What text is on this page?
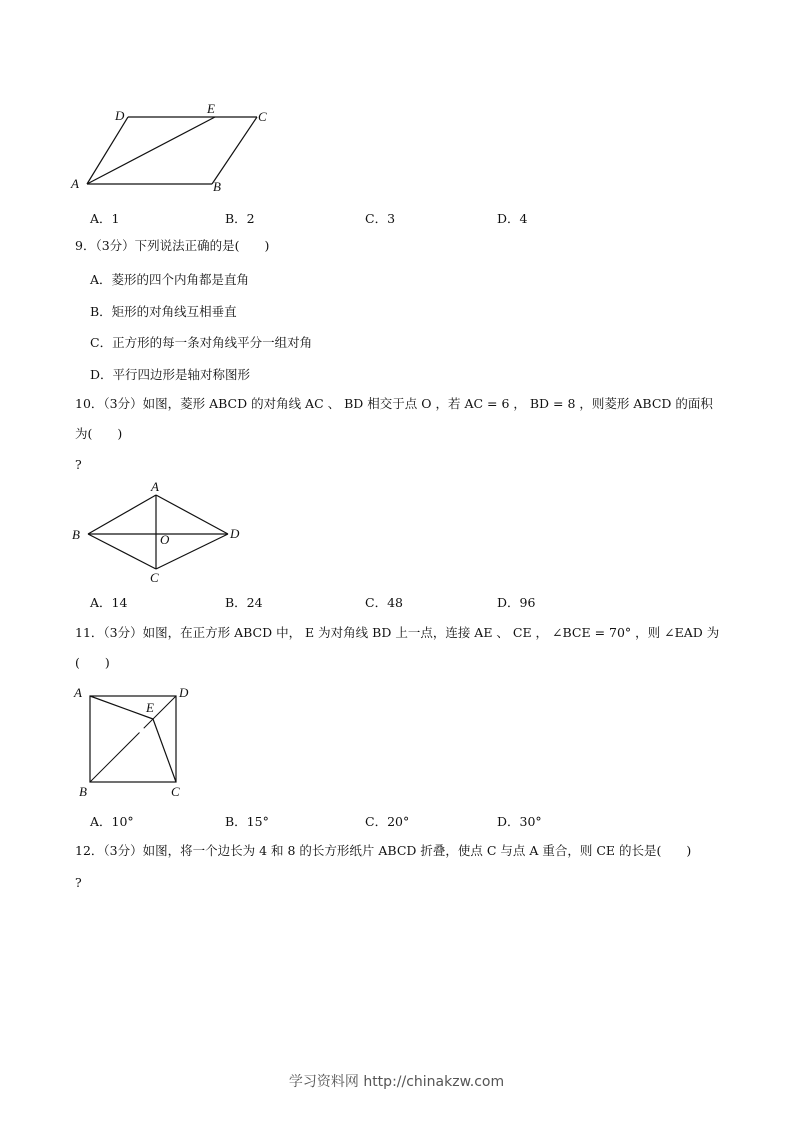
D	E
C
A	B
A．1	B．2	C．3	D．4
9．（3分）下列说法正确的是(　　)
A．菱形的四个内角都是直角
B．矩形的对角线互相垂直
C．正方形的每一条对角线平分一组对角
D．平行四边形是轴对称图形
10．（3分）如图，菱形 ABCD 的对角线 AC 、 BD 相交于点 O ，若 AC = 6 ， BD = 8 ，则菱形 ABCD 的面积
为(　　)
?
A
B	O	D
C
A．14	B．24	C．48	D．96
11．（3分）如图，在正方形 ABCD 中， E 为对角线 BD 上一点，连接 AE 、 CE ， ∠BCE = 70° ，则 ∠EAD 为
(　　)
A	D
E
B	C
A．10°	B．15°	C．20°	D．30°
12．（3分）如图，将一个边长为 4 和 8 的长方形纸片 ABCD 折叠，使点 C 与点 A 重合，则 CE 的长是(　　)
?
学习资料网 http://chinakzw.com
